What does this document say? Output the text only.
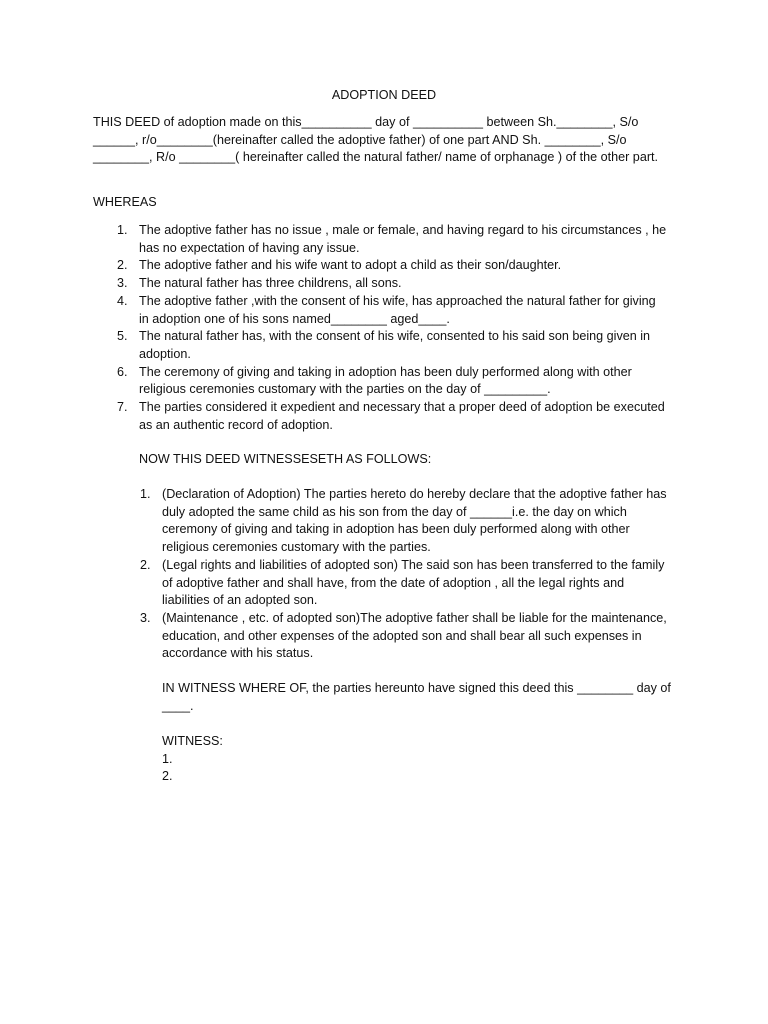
ADOPTION DEED

THIS DEED of adoption made on this__________ day of __________ between Sh.________, S/o ______, r/o________(hereinafter called the adoptive father) of one part AND Sh. ________, S/o ________, R/o ________( hereinafter called the natural father/ name of orphanage ) of the other part.

WHEREAS

1. The adoptive father has no issue , male or female, and having regard to his circumstances , he has no expectation of having any issue.
2. The adoptive father and his wife want to adopt a child as their son/daughter.
3. The natural father has three childrens, all sons.
4. The adoptive father ,with the consent of his wife, has approached the natural father for giving in adoption one of his sons named________ aged____.
5. The natural father has, with the consent of his wife, consented to his said son being given in adoption.
6. The ceremony of giving and taking in adoption has been duly performed along with other religious ceremonies customary with the parties on the day of _________.
7. The parties considered it expedient and necessary that a proper deed of adoption be executed as an authentic record of adoption.

NOW THIS DEED WITNESSESETH AS FOLLOWS:

1. (Declaration of Adoption) The parties hereto do hereby declare that the adoptive father has duly adopted the same child as his son from the day of ______i.e. the day on which ceremony of giving and taking in adoption has been duly performed along with other religious ceremonies customary with the parties.
2. (Legal rights and liabilities of adopted son) The said son has been transferred to the family of adoptive father and shall have, from the date of adoption , all the legal rights and liabilities of an adopted son.
3. (Maintenance , etc. of adopted son)The adoptive father shall be liable for the maintenance, education, and other expenses of the adopted son and shall bear all such expenses in accordance with his status.

IN WITNESS WHERE OF, the parties hereunto have signed this deed this ________ day of ____.

WITNESS:
1.
2.
